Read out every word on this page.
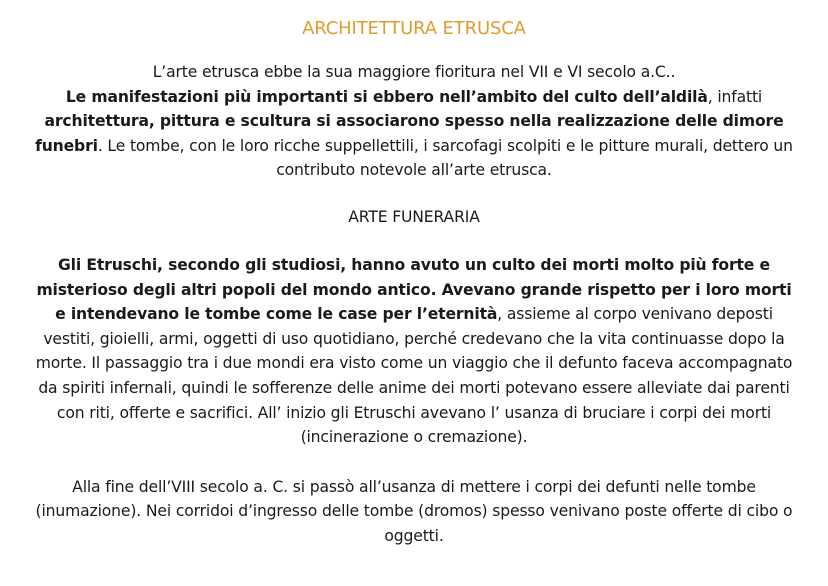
ARCHITETTURA ETRUSCA

L’arte etrusca ebbe la sua maggiore fioritura nel VII e VI secolo a.C..
Le manifestazioni più importanti si ebbero nell’ambito del culto dell’aldilà, infatti architettura, pittura e scultura si associarono spesso nella realizzazione delle dimore funebri. Le tombe, con le loro ricche suppellettili, i sarcofagi scolpiti e le pitture murali, dettero un contributo notevole all’arte etrusca.

ARTE FUNERARIA

Gli Etruschi, secondo gli studiosi, hanno avuto un culto dei morti molto più forte e misterioso degli altri popoli del mondo antico. Avevano grande rispetto per i loro morti e intendevano le tombe come le case per l’eternità, assieme al corpo venivano deposti vestiti, gioielli, armi, oggetti di uso quotidiano, perché credevano che la vita continuasse dopo la morte. Il passaggio tra i due mondi era visto come un viaggio che il defunto faceva accompagnato da spiriti infernali, quindi le sofferenze delle anime dei morti potevano essere alleviate dai parenti con riti, offerte e sacrifici. All’ inizio gli Etruschi avevano l’ usanza di bruciare i corpi dei morti (incinerazione o cremazione).

Alla fine dell’VIII secolo a. C. si passò all’usanza di mettere i corpi dei defunti nelle tombe (inumazione). Nei corridoi d’ingresso delle tombe (dromos) spesso venivano poste offerte di cibo o oggetti.
